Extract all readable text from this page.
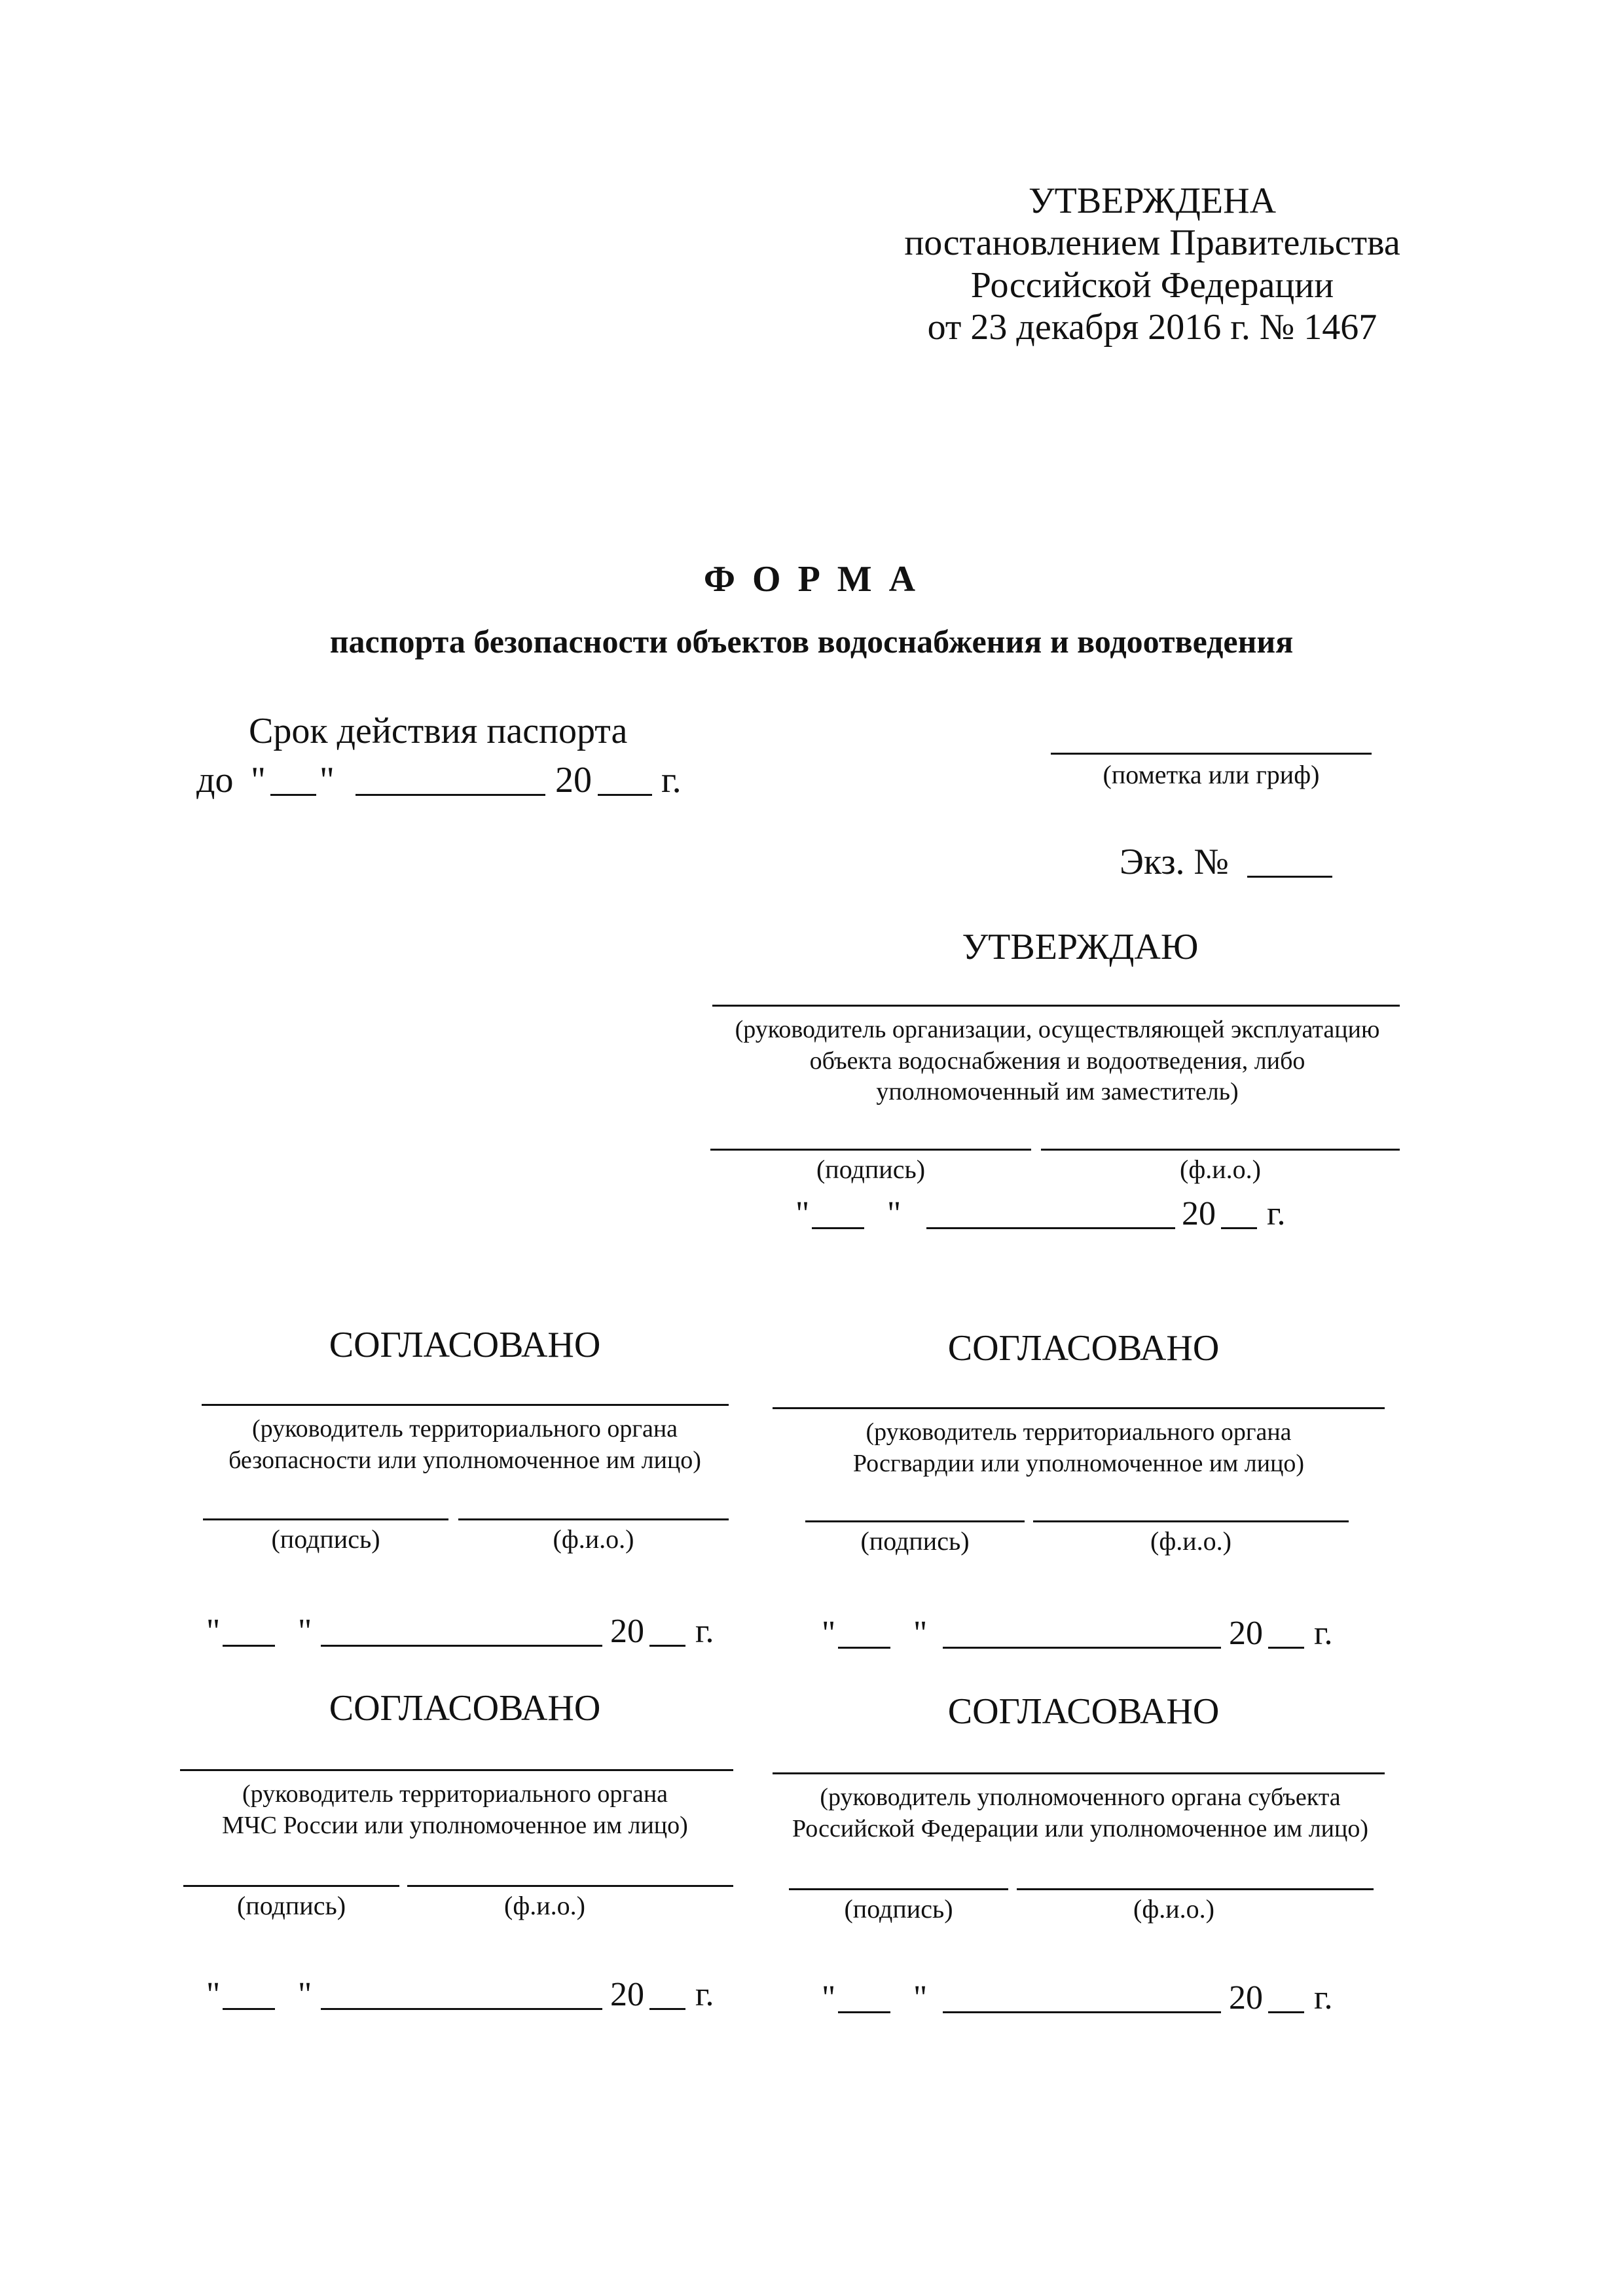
УТВЕРЖДЕНА
постановлением Правительства
Российской Федерации
от 23 декабря 2016 г. № 1467
Ф О Р М А
паспорта безопасности объектов водоснабжения и водоотведения
Срок действия паспорта
до " "	20 г.	(пометка или гриф)
Экз. №
УТВЕРЖДАЮ
(руководитель организации, осуществляющей эксплуатацию
объекта водоснабжения и водоотведения, либо
уполномоченный им заместитель)
(подпись)	(ф.и.о.)
" "	20 г.
СОГЛАСОВАНО
(руководитель территориального органа
безопасности или уполномоченное им лицо)
(подпись)	(ф.и.о.)
" "	20 г.
СОГЛАСОВАНО
(руководитель территориального органа
Росгвардии или уполномоченное им лицо)
(подпись)	(ф.и.о.)
" "	20 г.
СОГЛАСОВАНО
(руководитель территориального органа
МЧС России или уполномоченное им лицо)
(подпись)	(ф.и.о.)
" "	20 г.
СОГЛАСОВАНО
(руководитель уполномоченного органа субъекта
Российской Федерации или уполномоченное им лицо)
(подпись)	(ф.и.о.)
" "	20 г.
